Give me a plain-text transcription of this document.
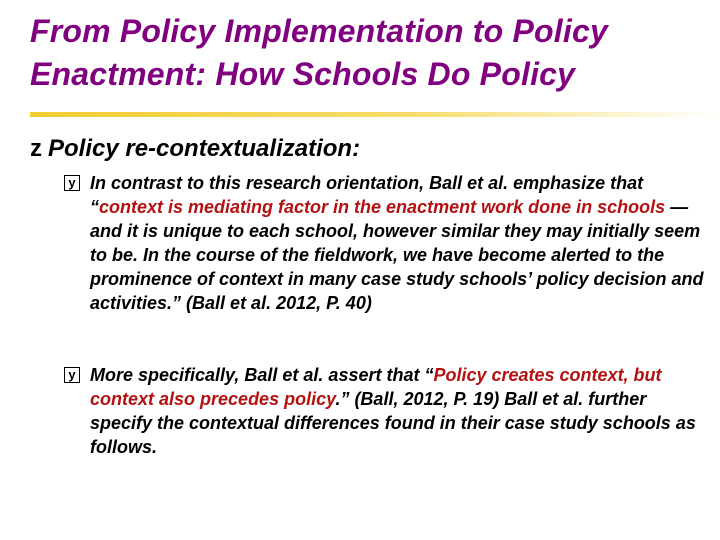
From Policy Implementation to Policy
Enactment: How Schools Do Policy
z Policy re-contextualization:
y In contrast to this research orientation, Ball et al. emphasize that “context is mediating factor in the enactment work done in schools —and it is unique to each school, however similar they may initially seem to be. In the course of the fieldwork, we have become alerted to the prominence of context in many case study schools’ policy decision and activities.” (Ball et al. 2012, P. 40)
y More specifically, Ball et al. assert that “Policy creates context, but context also precedes policy.” (Ball, 2012, P. 19) Ball et al. further specify the contextual differences found in their case study schools as follows.
